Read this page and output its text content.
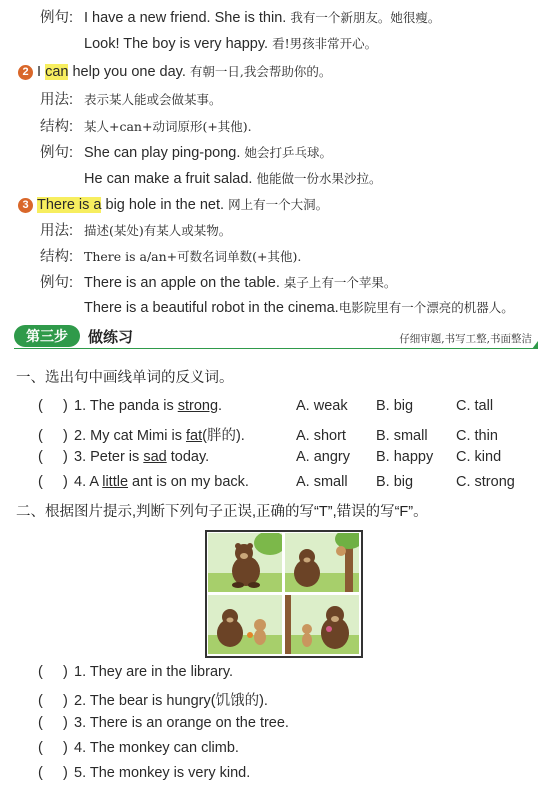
例句: I have a new friend. She is thin. 我有一个新朋友。她很瘦。
Look! The boy is very happy. 看!男孩非常开心。
2 I can help you one day. 有朝一日,我会帮助你的。
用法: 表示某人能或会做某事。
结构: 某人+can+动词原形(+其他).
例句: She can play ping-pong. 她会打乒乓球。
He can make a fruit salad. 他能做一份水果沙拉。
3 There is a big hole in the net. 网上有一个大洞。
用法: 描述(某处)有某人或某物。
结构: There is a/an+可数名词单数(+其他).
例句: There is an apple on the table. 桌子上有一个苹果。
There is a beautiful robot in the cinema.电影院里有一个漂亮的机器人。
第三步	做练习	仔细审题,书写工整,书面整洁
一、选出句中画线单词的反义词。
( ) 1. The panda is strong.	A. weak B. big	C. tall
( ) 2. My cat Mimi is fat(胖的).	A. short B. small C. thin
( ) 3. Peter is sad today.	A. angry B. happy C. kind
( ) 4. A little ant is on my back.	A. small B. big	C. strong
二、根据图片提示,判断下列句子正误,正确的写“T”,错误的写“F”。
( ) 1. They are in the library.
( ) 2. The bear is hungry(饥饿的).
( ) 3. There is an orange on the tree.
( ) 4. The monkey can climb.
( ) 5. The monkey is very kind.
